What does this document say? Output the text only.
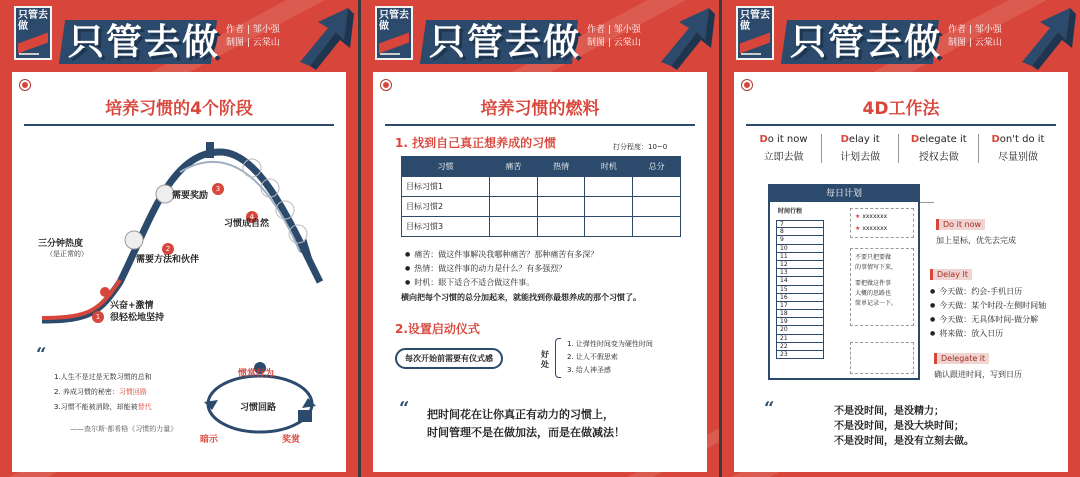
只管去做	只管去做 作者 | 邹小强
制图 | 云棠山
培养习惯的4个阶段
1
兴奋+激情
很轻松地坚持
2
需要方法和伙伴
3
需要奖励
4
习惯成自然
三分钟热度
（是正常的）
“
1.人生不是过是无数习惯的总和
2. 养成习惯的秘密：习惯回路
3.习惯不能被消除，却能被替代
——查尔斯·都希格《习惯的力量》
习惯回路
惯常行为
暗示	奖赏
只管去做	只管去做 作者 | 邹小强
制图 | 云棠山
培养习惯的燃料
1. 找到自己真正想养成的习惯	打分程度：10~0
习惯	痛苦	热情	时机	总分
目标习惯1				
目标习惯2				
目标习惯3				
● 痛苦：做这件事解决我哪种痛苦？那种痛苦有多深？
● 热情：做这件事的动力是什么？有多强烈？
● 时机：眼下适合不适合做这件事。
横向把每个习惯的总分加起来，就能找到你最想养成的那个习惯了。
2.设置启动仪式
每次开始前需要有仪式感	好处
1. 让弹性时间变为硬性时间
2. 让人不假思索
3. 给人神圣感
“ 把时间花在让你真正有动力的习惯上，
时间管理不是在做加法，而是在做减法！
只管去做	只管去做 作者 | 邹小强
制图 | 云棠山
4D工作法
Do it now
立即去做
Delay it
计划去做
Delegate it
授权去做
Don't do it
尽量别做
每日计划
时间行程
7
8
9
10
11
12
13
14
15
16
17
18
19
20
21
22
23
★ xxxxxxx
★ xxxxxxx
不要只把要做
的事情写下来，
要把做这件事
大概的思路也
简单记录一下。
Do it now
加上星标，优先去完成
Delay It
● 今天做：约会-手机日历
● 今天做：某个时段-左侧时间轴
● 今天做：无具体时间-做分解
● 将来做：放入日历
Delegate it
确认跟进时间，写到日历
“	不是没时间，是没精力；
不是没时间，是没大块时间；
不是没时间，是没有立刻去做。
